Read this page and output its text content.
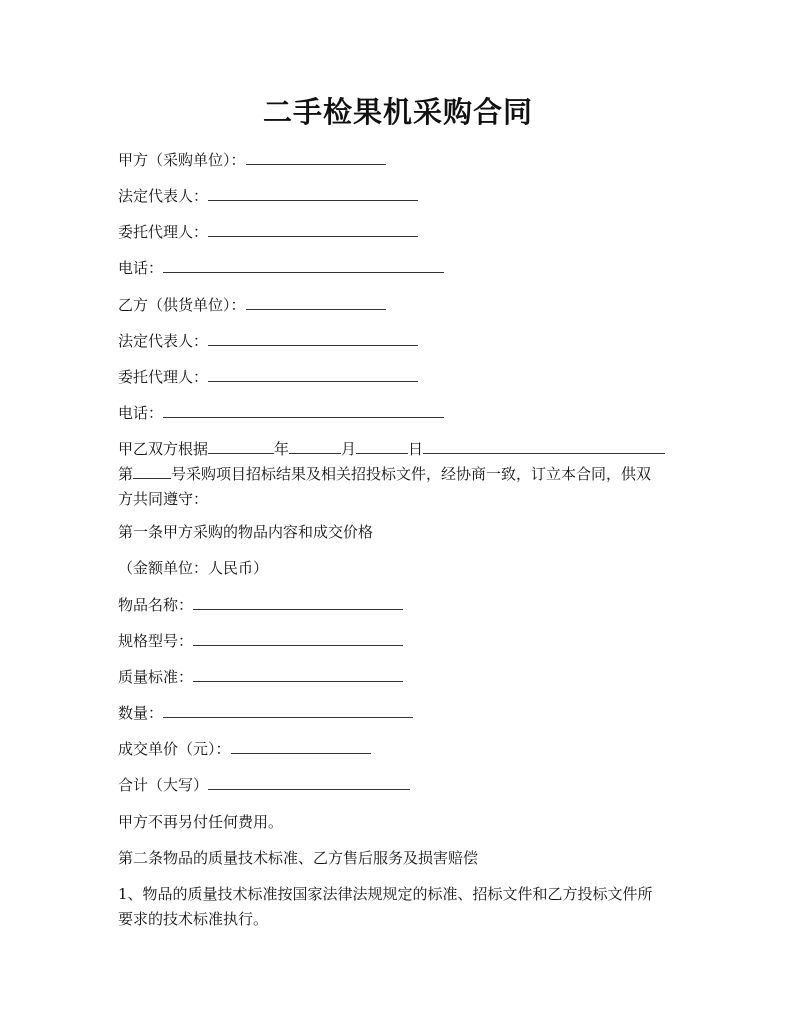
二手检果机采购合同
甲方（采购单位）：
法定代表人：
委托代理人：
电话：
乙方（供货单位）：
法定代表人：
委托代理人：
电话：
甲乙双方根据	年	月	日
第	号采购项目招标结果及相关招投标文件，经协商一致，订立本合同，供双
方共同遵守：
第一条甲方采购的物品内容和成交价格
（金额单位：人民币）
物品名称：
规格型号：
质量标准：
数量：
成交单价（元）：
合计（大写）
甲方不再另付任何费用。
第二条物品的质量技术标准、乙方售后服务及损害赔偿
1、物品的质量技术标准按国家法律法规规定的标准、招标文件和乙方投标文件所
要求的技术标准执行。
